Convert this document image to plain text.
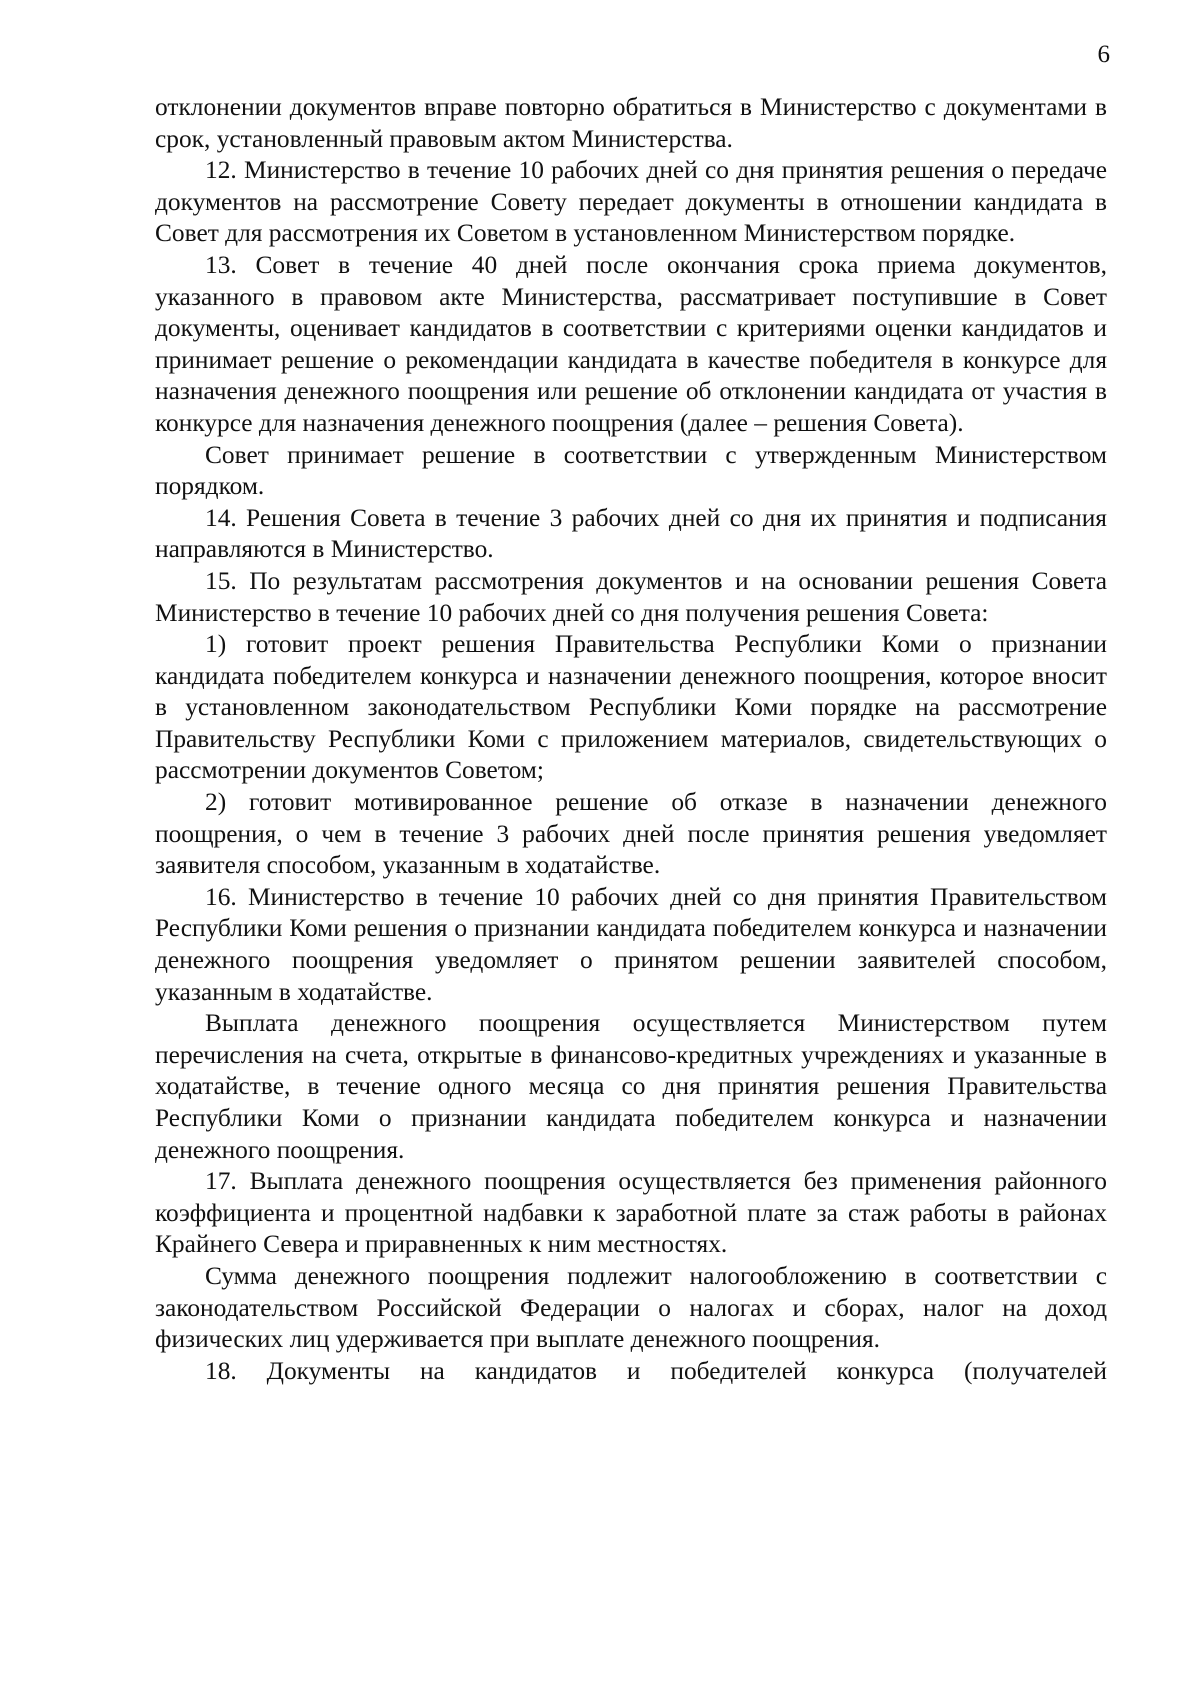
6

отклонении документов вправе повторно обратиться в Министерство с документами в срок, установленный правовым актом Министерства.

12. Министерство в течение 10 рабочих дней со дня принятия решения о передаче документов на рассмотрение Совету передает документы в отношении кандидата в Совет для рассмотрения их Советом в установленном Министерством порядке.

13. Совет в течение 40 дней после окончания срока приема документов, указанного в правовом акте Министерства, рассматривает поступившие в Совет документы, оценивает кандидатов в соответствии с критериями оценки кандидатов и принимает решение о рекомендации кандидата в качестве победителя в конкурсе для назначения денежного поощрения или решение об отклонении кандидата от участия в конкурсе для назначения денежного поощрения (далее – решения Совета).

Совет принимает решение в соответствии с утвержденным Министерством порядком.

14. Решения Совета в течение 3 рабочих дней со дня их принятия и подписания направляются в Министерство.

15. По результатам рассмотрения документов и на основании решения Совета Министерство в течение 10 рабочих дней со дня получения решения Совета:

1) готовит проект решения Правительства Республики Коми о признании кандидата победителем конкурса и назначении денежного поощрения, которое вносит в установленном законодательством Республики Коми порядке на рассмотрение Правительству Республики Коми с приложением материалов, свидетельствующих о рассмотрении документов Советом;

2) готовит мотивированное решение об отказе в назначении денежного поощрения, о чем в течение 3 рабочих дней после принятия решения уведомляет заявителя способом, указанным в ходатайстве.

16. Министерство в течение 10 рабочих дней со дня принятия Правительством Республики Коми решения о признании кандидата победителем конкурса и назначении денежного поощрения уведомляет о принятом решении заявителей способом, указанным в ходатайстве.

Выплата денежного поощрения осуществляется Министерством путем перечисления на счета, открытые в финансово-кредитных учреждениях и указанные в ходатайстве, в течение одного месяца со дня принятия решения Правительства Республики Коми о признании кандидата победителем конкурса и назначении денежного поощрения.

17. Выплата денежного поощрения осуществляется без применения районного коэффициента и процентной надбавки к заработной плате за стаж работы в районах Крайнего Севера и приравненных к ним местностях.

Сумма денежного поощрения подлежит налогообложению в соответствии с законодательством Российской Федерации о налогах и сборах, налог на доход физических лиц удерживается при выплате денежного поощрения.

18. Документы на кандидатов и победителей конкурса (получателей
